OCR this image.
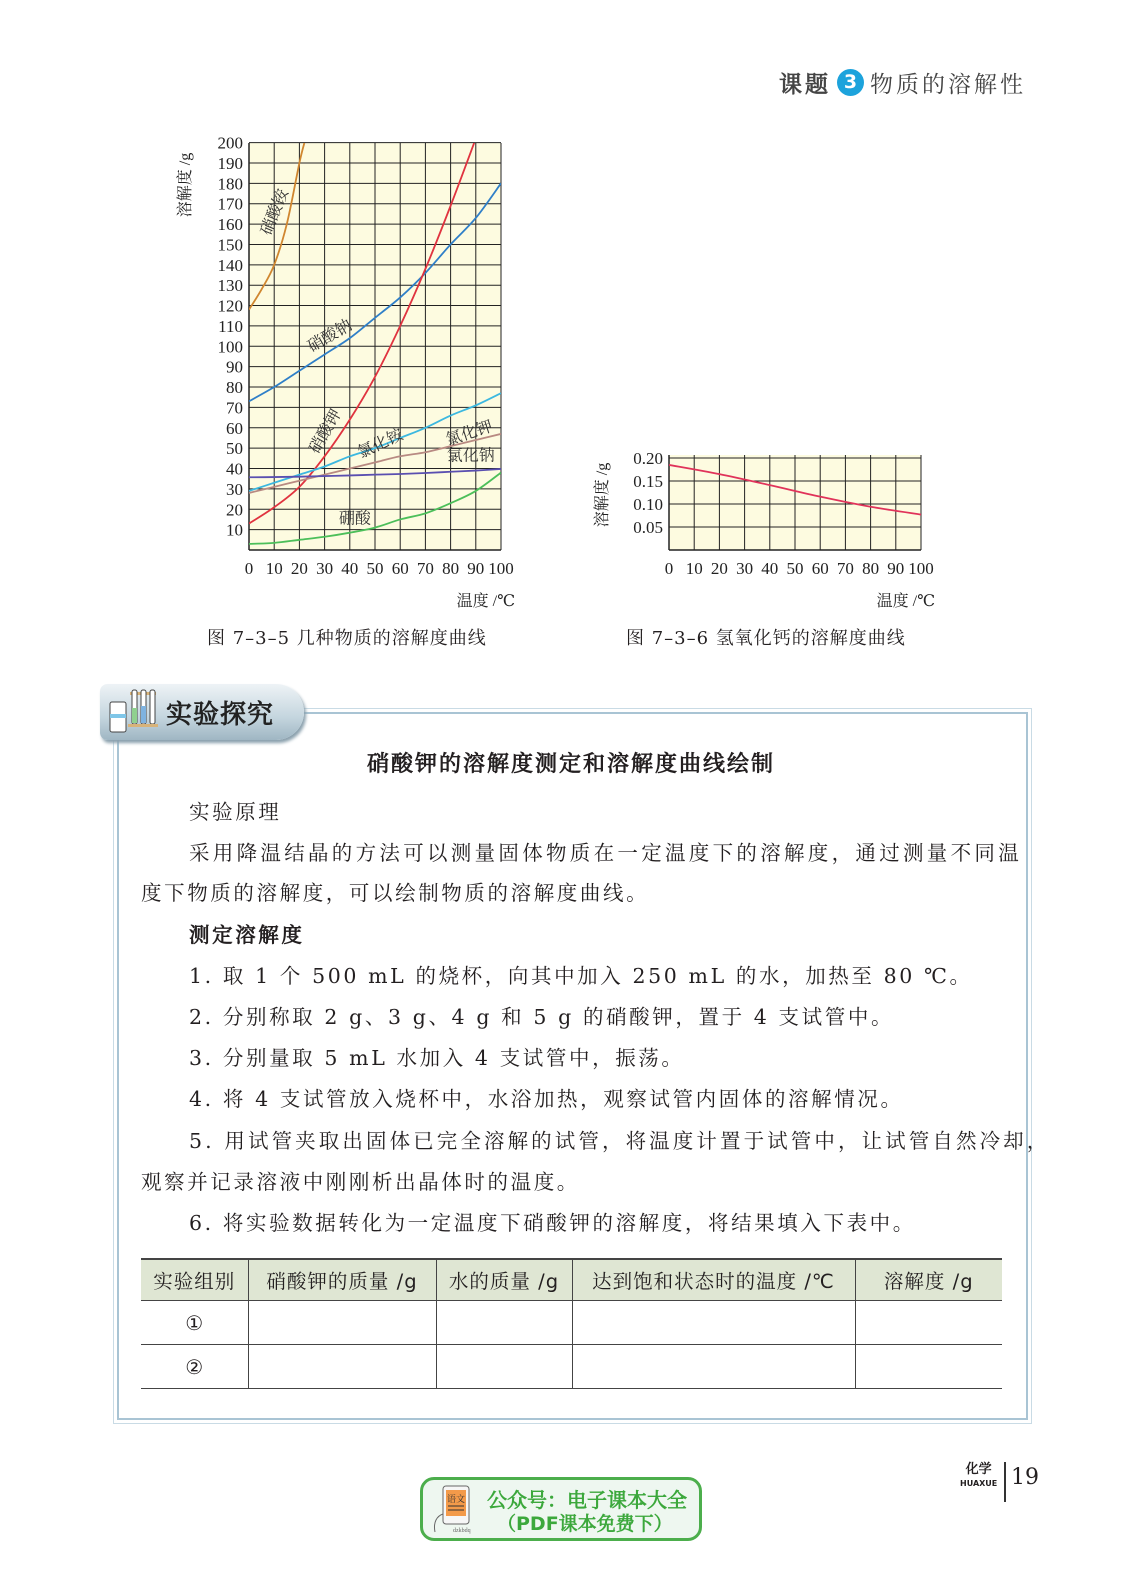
课题 3 物质的溶解性
0 10 20 30 40 50 60 70 80 90 100
10
20
30
40
50
60
70
80
90
100
110
120
130
140
150
160
170
180
190
200
温度 /℃
溶解度 /g	硝酸铵
硝酸钠
硝酸钾 氯化铵 氯化钾
氯化钠
硼酸
0 10 20 30 40 50 60 70 80 90 100
0.05
0.10
0.15
0.20
温度 /℃
溶解度 /g
图 7–3–5 几种物质的溶解度曲线	图 7–3–6 氢氧化钙的溶解度曲线
实验探究
硝酸钾的溶解度测定和溶解度曲线绘制
实验原理
采用降温结晶的方法可以测量固体物质在一定温度下的溶解度，通过测量不同温
度下物质的溶解度，可以绘制物质的溶解度曲线。
测定溶解度
1. 取 1 个 500 mL 的烧杯，向其中加入 250 mL 的水，加热至 80 ℃。
2. 分别称取 2 g、3 g、4 g 和 5 g 的硝酸钾，置于 4 支试管中。
3. 分别量取 5 mL 水加入 4 支试管中，振荡。
4. 将 4 支试管放入烧杯中，水浴加热，观察试管内固体的溶解情况。
5. 用试管夹取出固体已完全溶解的试管，将温度计置于试管中，让试管自然冷却，
观察并记录溶液中刚刚析出晶体时的温度。
6. 将实验数据转化为一定温度下硝酸钾的溶解度，将结果填入下表中。
实验组别	硝酸钾的质量 /g	水的质量 /g	达到饱和状态时的温度 /℃	溶解度 /g
①				
②				
语文
dzkbdq
公众号：电子课本大全
（PDF课本免费下）
化学
HUAXUE 19
